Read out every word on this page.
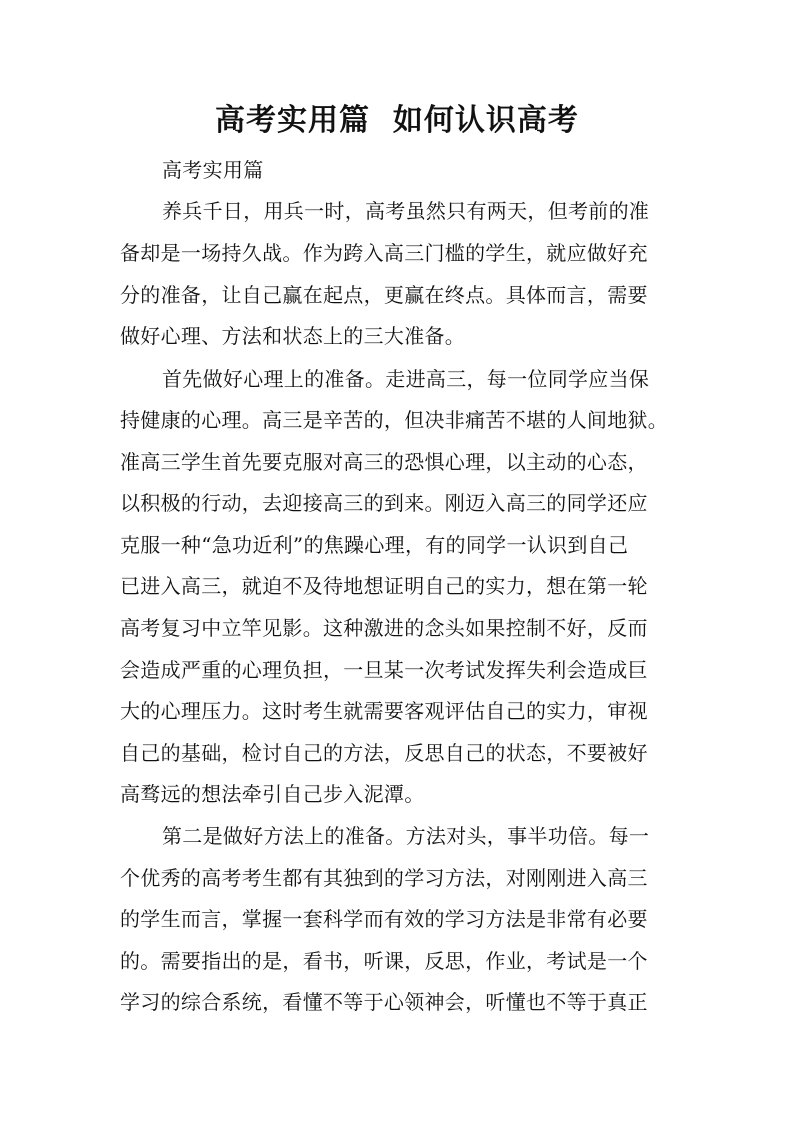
高考实用篇  如何认识高考
高考实用篇
养兵千日，用兵一时，高考虽然只有两天，但考前的准
备却是一场持久战。作为跨入高三门槛的学生，就应做好充
分的准备，让自己赢在起点，更赢在终点。具体而言，需要
做好心理、方法和状态上的三大准备。
首先做好心理上的准备。走进高三，每一位同学应当保
持健康的心理。高三是辛苦的，但决非痛苦不堪的人间地狱。
准高三学生首先要克服对高三的恐惧心理，以主动的心态，
以积极的行动，去迎接高三的到来。刚迈入高三的同学还应
克服一种“急功近利”的焦躁心理，有的同学一认识到自己
已进入高三，就迫不及待地想证明自己的实力，想在第一轮
高考复习中立竿见影。这种激进的念头如果控制不好，反而
会造成严重的心理负担，一旦某一次考试发挥失利会造成巨
大的心理压力。这时考生就需要客观评估自己的实力，审视
自己的基础，检讨自己的方法，反思自己的状态，不要被好
高骛远的想法牵引自己步入泥潭。
第二是做好方法上的准备。方法对头，事半功倍。每一
个优秀的高考考生都有其独到的学习方法，对刚刚进入高三
的学生而言，掌握一套科学而有效的学习方法是非常有必要
的。需要指出的是，看书，听课，反思，作业，考试是一个
学习的综合系统，看懂不等于心领神会，听懂也不等于真正
